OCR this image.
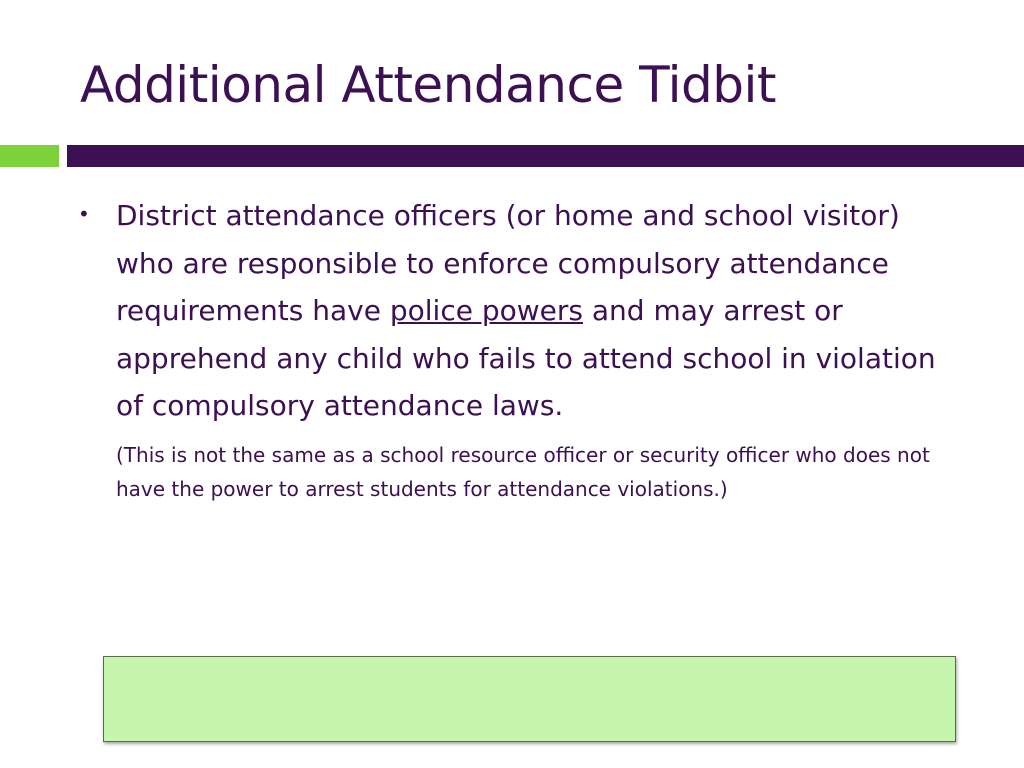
Additional Attendance Tidbit
• District attendance officers (or home and school visitor) who are responsible to enforce compulsory attendance requirements have police powers and may arrest or apprehend any child who fails to attend school in violation of compulsory attendance laws.
(This is not the same as a school resource officer or security officer who does not have the power to arrest students for attendance violations.)
